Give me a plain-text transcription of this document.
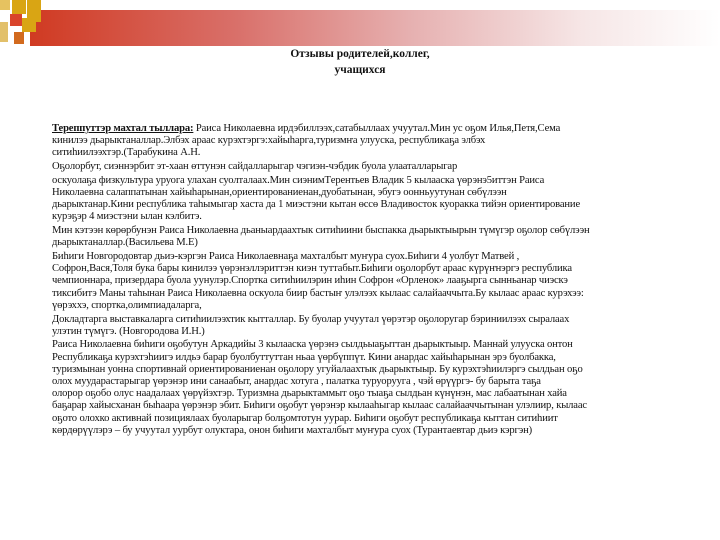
Отзывы родителей,коллег,
учащихся
Тереппуттэр махтал тыллара: Раиса Николаевна ирдэбиллээх,сатабыллаах учуутал.Мин ус оҕом Илья,Петя,Сема
кинилээ дьарыктаналлар.Элбэх араас курэхтэргэ:хайыһарга,туризмҥа улууска, республикаҕа элбэх
ситиһиилээхтэр.(Тарабукина А.Н.
Оҕолорбут, сиэннэрбит эт-хаан өттунэн сайдалларыгар чэгиэн-чэбдик буола улааталларыгар
оскуолаҕа физкультура уруога улахан суолталаах.Мин сиэнимTерентьев Владик 5 кылааска үөрэнэ5иттэн Раиса
Николаевна салаппатынан хайыһарынан,ориентированиенан,дуобатынан, эбугэ оонньуутунан сөбүлээн
дьарыктанар.Кини республика таһымыгар хаста да 1 миэстэни кытан өссө Владивосток куоракка тийэн ориентирование
курэҕэр 4 миэстэни ылан кэлбитэ.
Мин кэтээн көрөрбунэн Раиса Николаевна дьаныардаахтык ситиһиини быспакка дьарыктыырын түмүгэр оҕолор сөбүлээн
дьарыктаналлар.(Васильева М.Е)
Биһиги Новгородовтар дьиэ-кэргэн Раиса Николаевнаҕа махталбыт муҥура суох.Биһиги 4 уолбут Матвей ,
Софрон,Вася,Толя бука бары кинилээ үөрэнэллэриттэн киэн туттабыт.Биһиги оҕолорбут араас күрүҥнэргэ республика
чемпионнара, призердара буола уунулэр.Спортка ситиһиилэрин иһин Софрон «Орленок» лааҕырга сынньанар чиэскэ
тиксибитэ Маны таһынан Раиса Николаевна оскуола биир бастыҥ улэлээх кылаас салайааччыта.Бу кылаас араас курэхээ:
үөрэххэ, спортка,олимпиадаларга,
Докладтарга выставкаларга ситиһиилээхтик кытталлар. Бу буолар учуутал үөрэтэр оҕолоругар бэриниилээх сыралаах
улэтин түмүгэ. (Новгородова И.Н.)
Раиса Николаевна биһиги оҕобутун Аркадийы 3 кылааска үөрэнэ сылдьыаҕыттан дьарыктыыр. Маннай улууска онтон
Республикаҕа курэхтэһиигэ илдьэ барар буолбуттуттан ньаа үөрбүппүт. Кини анардас хайыһарынан эрэ буолбакка,
туризмынан уонна спортивнай ориентированиенан оҕолору угуйалаахтык дьарыктыыр. Бу курэхтэһиилэргэ сылдьан оҕо
олох муударастарыгар үөрэнэр ини санаабыт, анардас хотуга , палатка туруорууга , чэй өрүүргэ- бу барыта таҕа
олорор оҕобо олус наадалаах үөрүйэхтэр. Туризмна дьарыктаммыт оҕо тыаҕа сылдьан күнүнэн, мас лабаатынан хайа
баҕарар хайысханан быһаара үөрэнэр эбит. Биһиги оҕобут үөрэнэр кылааһыгар кылаас салайааччытынан улэлиир, кылаас
оҕото олохко активнай позициялаах буоларыгар болҕомтотун уурар. Биһиги оҕобут республикаҕа кыттан ситиһиит
көрдөрүүлэрэ – бу учуутал уурбут олуктара, онон биһиги махталбыт муҥура суох (Турантаевтар дьиэ кэргэн)
